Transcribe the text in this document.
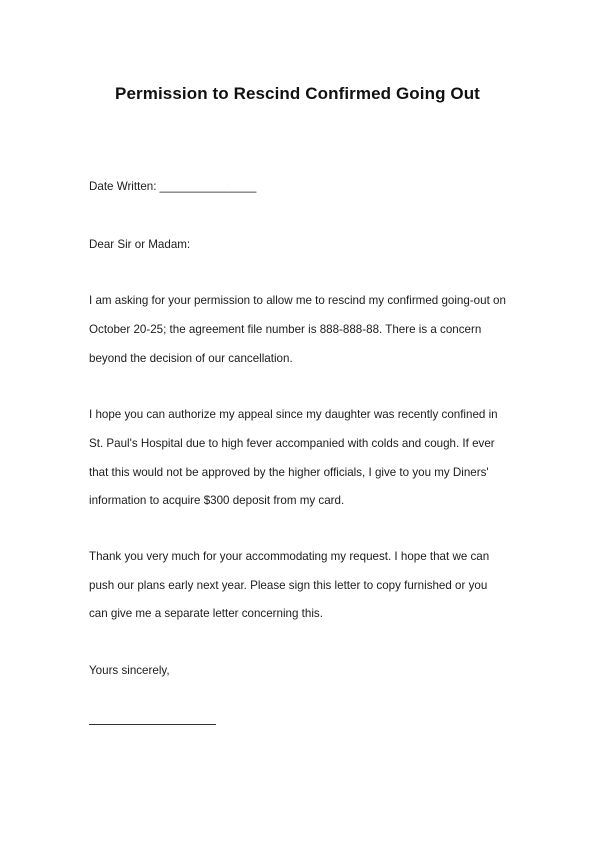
Permission to Rescind Confirmed Going Out
Date Written: _______________
Dear Sir or Madam:
I am asking for your permission to allow me to rescind my confirmed going-out on
October 20-25; the agreement file number is 888-888-88. There is a concern
beyond the decision of our cancellation.
I hope you can authorize my appeal since my daughter was recently confined in
St. Paul's Hospital due to high fever accompanied with colds and cough. If ever
that this would not be approved by the higher officials, I give to you my Diners'
information to acquire $300 deposit from my card.
Thank you very much for your accommodating my request. I hope that we can
push our plans early next year. Please sign this letter to copy furnished or you
can give me a separate letter concerning this.
Yours sincerely,
